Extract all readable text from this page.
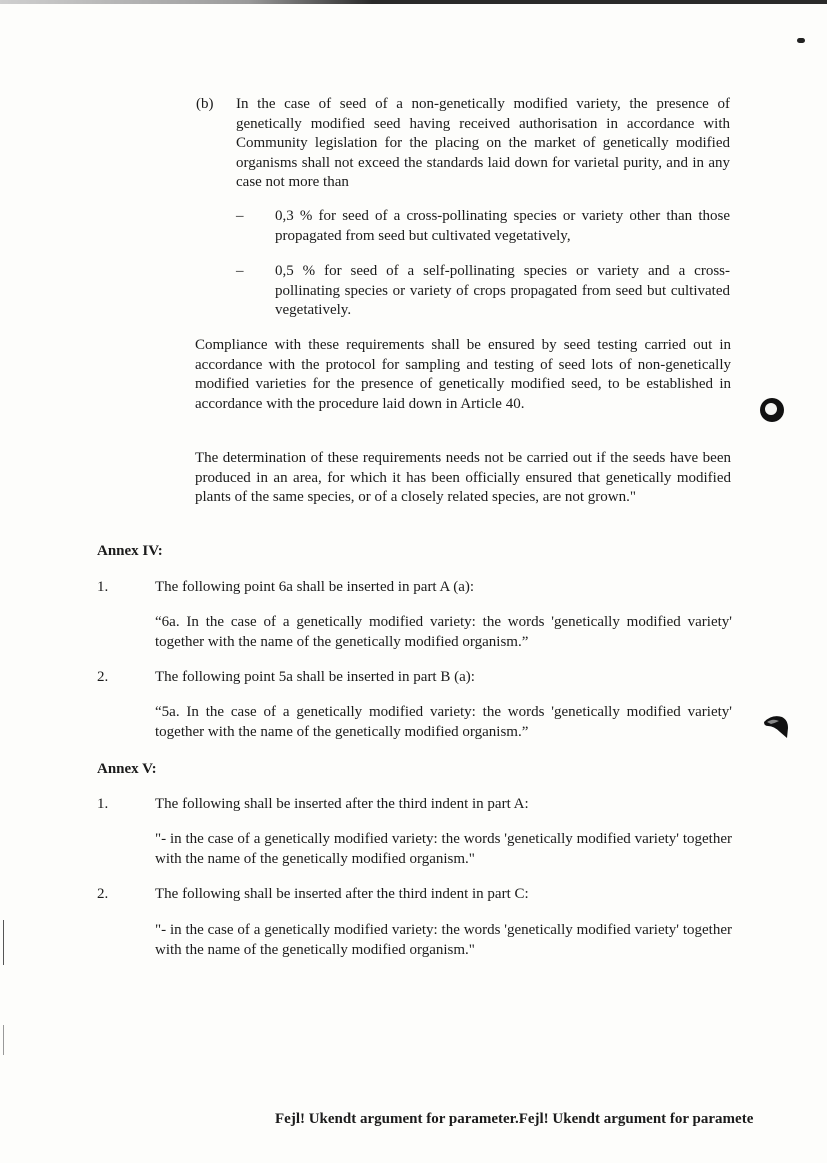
(b) In the case of seed of a non-genetically modified variety, the presence of genetically modified seed having received authorisation in accordance with Community legislation for the placing on the market of genetically modified organisms shall not exceed the standards laid down for varietal purity, and in any case not more than
– 0,3 % for seed of a cross-pollinating species or variety other than those propagated from seed but cultivated vegetatively,
– 0,5 % for seed of a self-pollinating species or variety and a cross-pollinating species or variety of crops propagated from seed but cultivated vegetatively.
Compliance with these requirements shall be ensured by seed testing carried out in accordance with the protocol for sampling and testing of seed lots of non-genetically modified varieties for the presence of genetically modified seed, to be established in accordance with the procedure laid down in Article 40.
The determination of these requirements needs not be carried out if the seeds have been produced in an area, for which it has been officially ensured that genetically modified plants of the same species, or of a closely related species, are not grown."
Annex IV:
1.	The following point 6a shall be inserted in part A (a):
“6a. In the case of a genetically modified variety: the words 'genetically modified variety' together with the name of the genetically modified organism.”
2.	The following point 5a shall be inserted in part B (a):
“5a. In the case of a genetically modified variety: the words 'genetically modified variety' together with the name of the genetically modified organism.”
Annex V:
1.	The following shall be inserted after the third indent in part A:
"- in the case of a genetically modified variety: the words 'genetically modified variety' together with the name of the genetically modified organism."
2.	The following shall be inserted after the third indent in part C:
"- in the case of a genetically modified variety: the words 'genetically modified variety' together with the name of the genetically modified organism."
Fejl! Ukendt argument for parameter.Fejl! Ukendt argument for paramete
